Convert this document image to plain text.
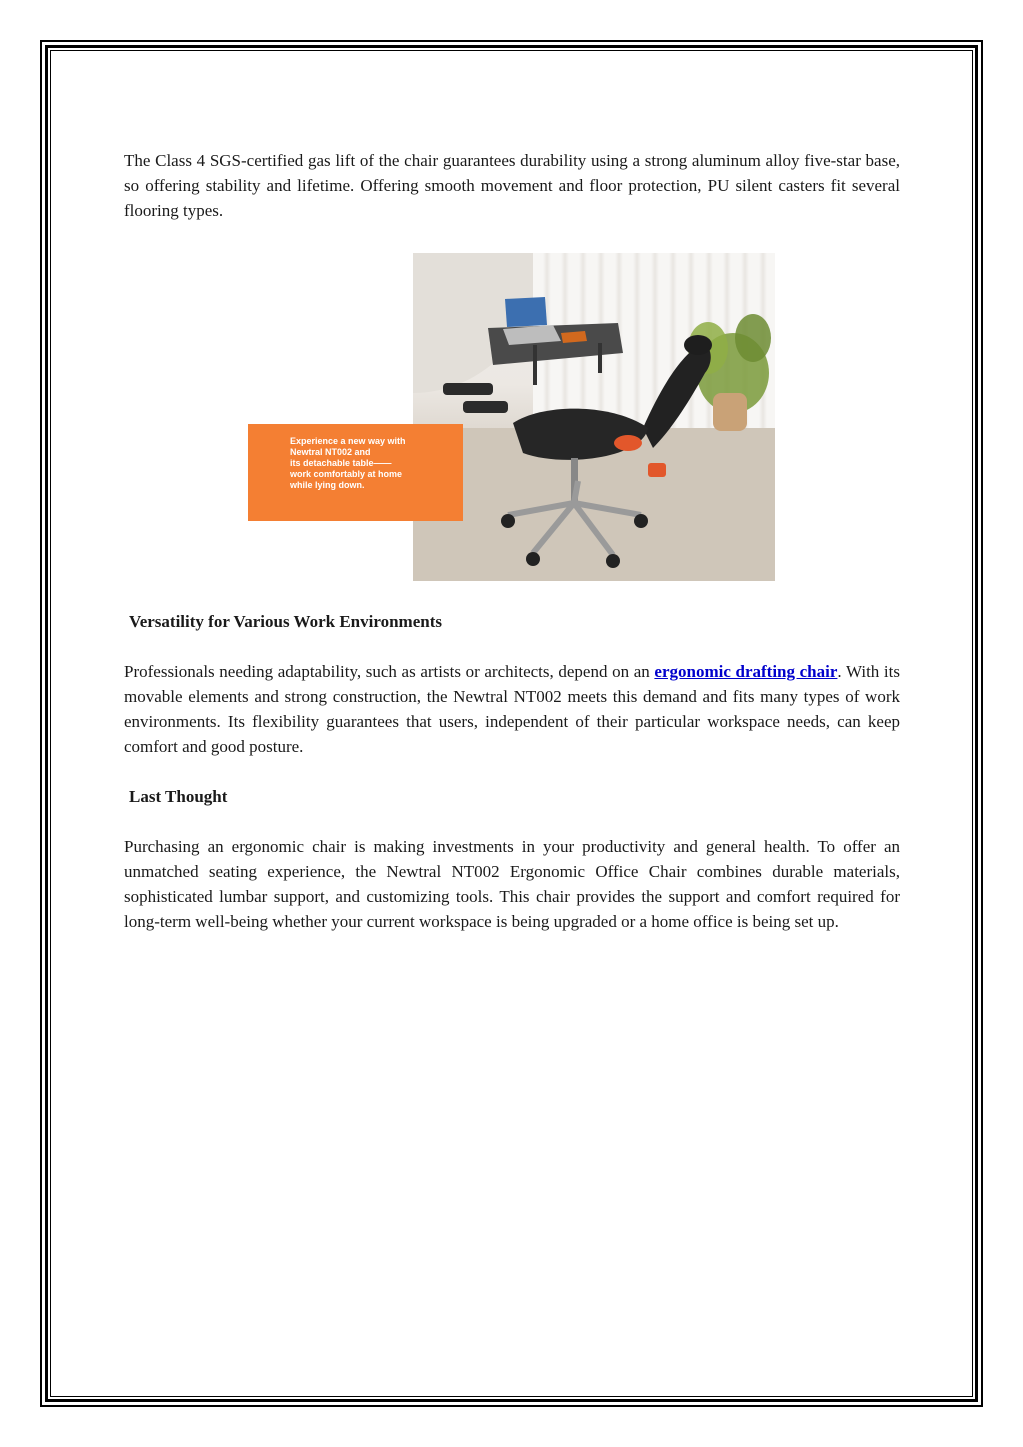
The Class 4 SGS-certified gas lift of the chair guarantees durability using a strong aluminum alloy five-star base, so offering stability and lifetime. Offering smooth movement and floor protection, PU silent casters fit several flooring types.

Experience a new way with
Newtral NT002 and
its detachable table——
work comfortably at home
while lying down.
Versatility for Various Work Environments

Professionals needing adaptability, such as artists or architects, depend on an ergonomic drafting chair. With its movable elements and strong construction, the Newtral NT002 meets this demand and fits many types of work environments. Its flexibility guarantees that users, independent of their particular workspace needs, can keep comfort and good posture.

Last Thought

Purchasing an ergonomic chair is making investments in your productivity and general health. To offer an unmatched seating experience, the Newtral NT002 Ergonomic Office Chair combines durable materials, sophisticated lumbar support, and customizing tools. This chair provides the support and comfort required for long-term well-being whether your current workspace is being upgraded or a home office is being set up.
